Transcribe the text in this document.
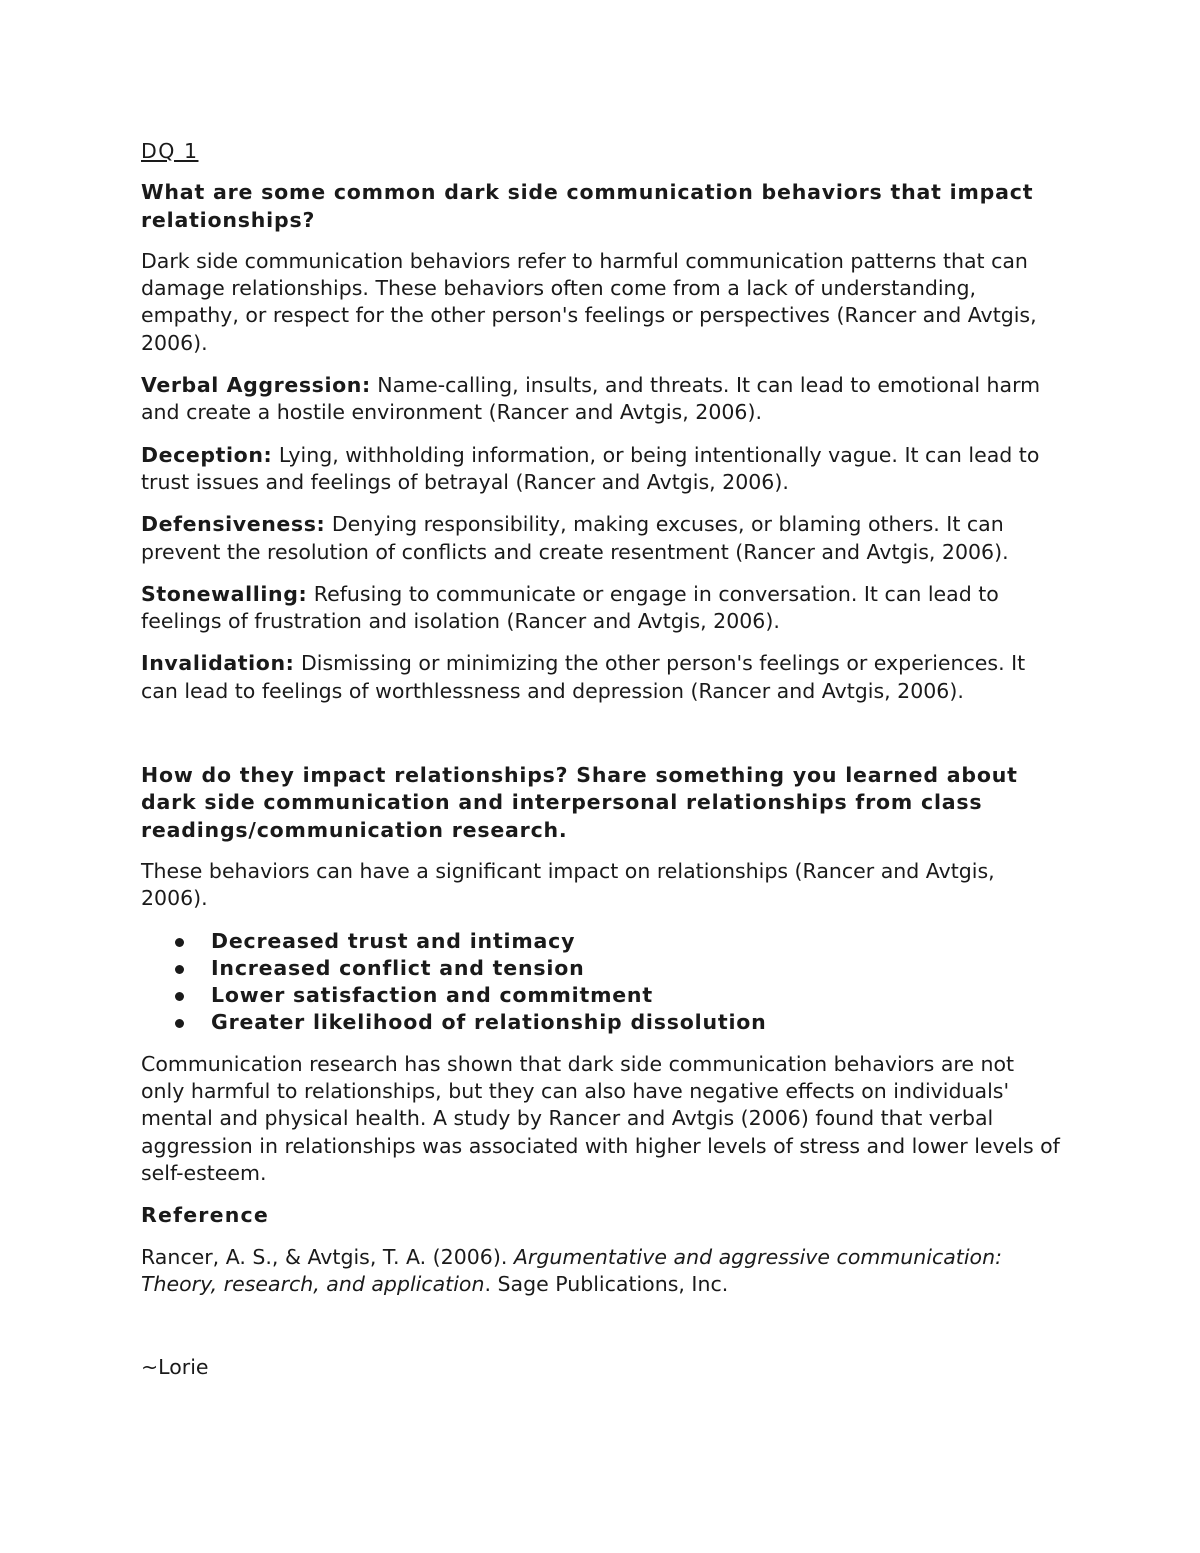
DQ 1
What are some common dark side communication behaviors that impact relationships?

Dark side communication behaviors refer to harmful communication patterns that can damage relationships. These behaviors often come from a lack of understanding, empathy, or respect for the other person's feelings or perspectives (Rancer and Avtgis, 2006).

Verbal Aggression: Name-calling, insults, and threats. It can lead to emotional harm and create a hostile environment (Rancer and Avtgis, 2006).

Deception: Lying, withholding information, or being intentionally vague. It can lead to trust issues and feelings of betrayal (Rancer and Avtgis, 2006).

Defensiveness: Denying responsibility, making excuses, or blaming others. It can prevent the resolution of conflicts and create resentment (Rancer and Avtgis, 2006).

Stonewalling: Refusing to communicate or engage in conversation. It can lead to feelings of frustration and isolation (Rancer and Avtgis, 2006).

Invalidation: Dismissing or minimizing the other person's feelings or experiences. It can lead to feelings of worthlessness and depression (Rancer and Avtgis, 2006).

How do they impact relationships? Share something you learned about dark side communication and interpersonal relationships from class readings/communication research.

These behaviors can have a significant impact on relationships (Rancer and Avtgis, 2006).

Decreased trust and intimacy
Increased conflict and tension
Lower satisfaction and commitment
Greater likelihood of relationship dissolution

Communication research has shown that dark side communication behaviors are not only harmful to relationships, but they can also have negative effects on individuals' mental and physical health. A study by Rancer and Avtgis (2006) found that verbal aggression in relationships was associated with higher levels of stress and lower levels of self-esteem.

Reference

Rancer, A. S., & Avtgis, T. A. (2006). Argumentative and aggressive communication: Theory, research, and application. Sage Publications, Inc.

~Lorie
